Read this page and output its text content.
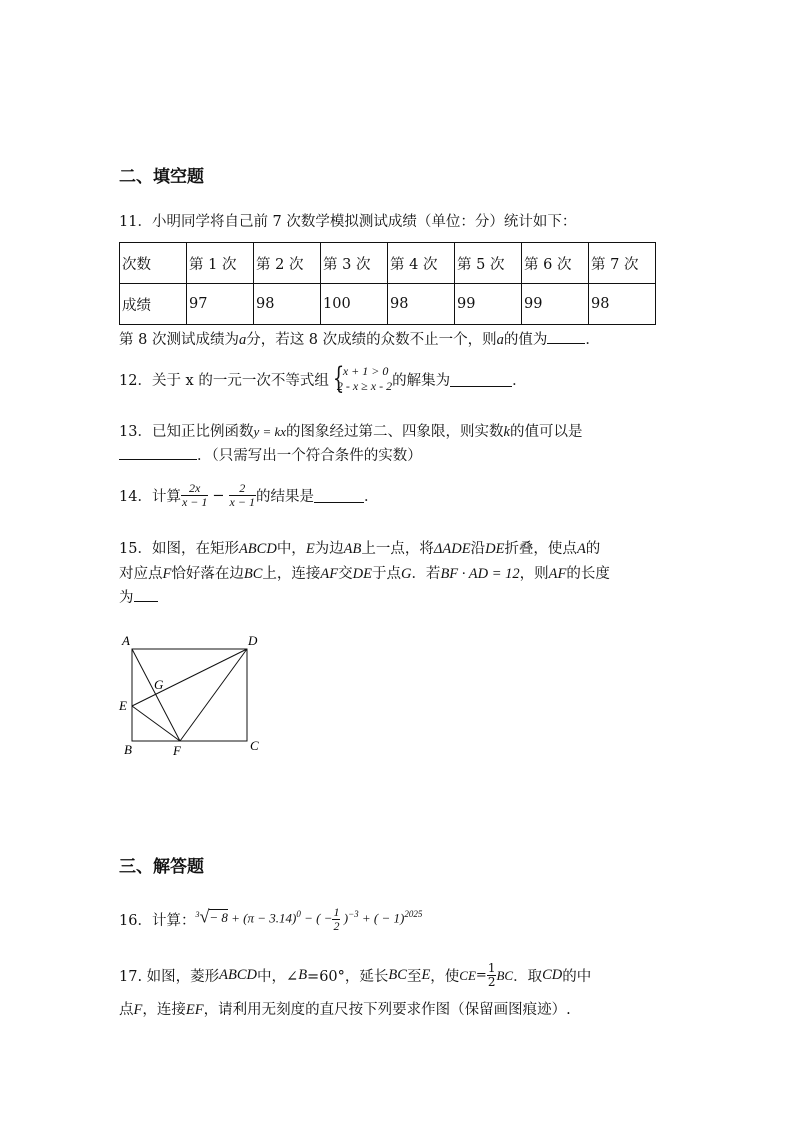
二、填空题
11．小明同学将自己前 7 次数学模拟测试成绩（单位：分）统计如下：
次数	第 1 次	第 2 次	第 3 次	第 4 次	第 5 次	第 6 次	第 7 次
成绩	97	98	100	98	99	99	98
第 8 次测试成绩为a分，若这 8 次成绩的众数不止一个，则a的值为	．
12．关于 x 的一元一次不等式组 {
x + 1 > 0
2 - x ≥ x - 2 的解集为	．
13．已知正比例函数y = kx的图象经过第二、四象限，则实数k的值可以是
．（只需写出一个符合条件的实数）
14．计算 $\frac{2x}{x - 1} - \frac{2}{x - 1}$ 的结果是	．
15．如图，在矩形ABCD中，E为边AB上一点，将ΔADE沿DE折叠，使点A的
对应点F恰好落在边BC上，连接AF交DE于点G．若BF · AD = 12，则AF的长度
为
A	D
G
E
B	F	C
三、解答题
16．计算：$^3√- 8 + (\pi - 3.14)^0$ − ( − $\frac{1}{2} )^{-3}$ + ( − 1)$^{2025}$
17. 如图，菱形ABCD中，∠B=60°，延长BC至E，使$CE= \frac{1}{2}$ BC．取CD的中
点F，连接EF，请利用无刻度的直尺按下列要求作图（保留画图痕迹）.
